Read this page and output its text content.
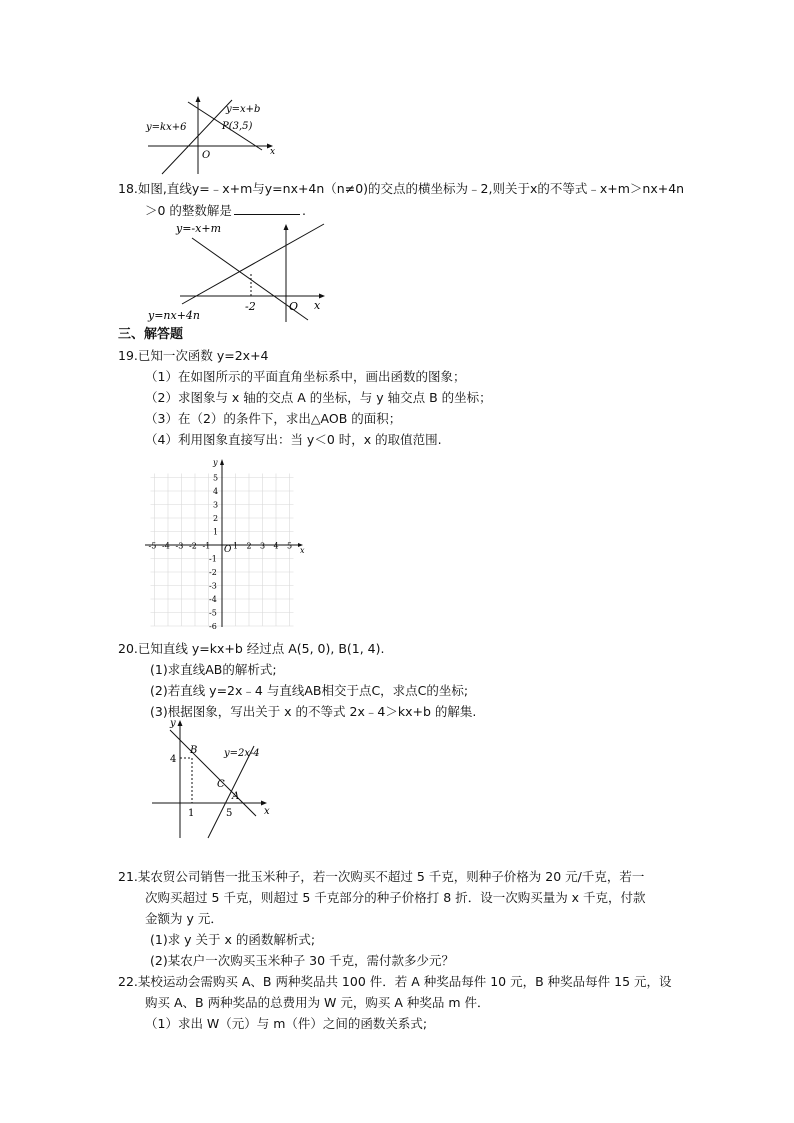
y=x+b
y=kx+6	P(3,5)
O	x
18.如图,直线y=﹣x+m与y=nx+4n（n≠0)的交点的横坐标为﹣2,则关于x的不等式﹣x+m＞nx+4n
＞0 的整数解是	.
y=-x+m
y=nx+4n
-2	O x
三、解答题
19.已知一次函数 y=2x+4
（1）在如图所示的平面直角坐标系中，画出函数的图象；
（2）求图象与 x 轴的交点 A 的坐标，与 y 轴交点 B 的坐标；
（3）在（2）的条件下，求出△AOB 的面积；
（4）利用图象直接写出：当 y＜0 时，x 的取值范围.
-5 -4 -3 -2 -1	1 2 3 4 5
5
4
3
2
1
-1
-2
-3
-4
-5
-6
O	x
y
20.已知直线 y=kx+b 经过点 A(5, 0), B(1, 4).
(1)求直线AB的解析式;
(2)若直线 y=2x﹣4 与直线AB相交于点C，求点C的坐标;
(3)根据图象，写出关于 x 的不等式 2x﹣4＞kx+b 的解集.
y
x
B
C
A
y=2x-4
4
1	5
21.某农贸公司销售一批玉米种子，若一次购买不超过 5 千克，则种子价格为 20 元/千克，若一
次购买超过 5 千克，则超过 5 千克部分的种子价格打 8 折．设一次购买量为 x 千克，付款
金额为 y 元．
(1)求 y 关于 x 的函数解析式;
(2)某农户一次购买玉米种子 30 千克，需付款多少元？
22.某校运动会需购买 A、B 两种奖品共 100 件．若 A 种奖品每件 10 元，B 种奖品每件 15 元，设
购买 A、B 两种奖品的总费用为 W 元，购买 A 种奖品 m 件．
（1）求出 W（元）与 m（件）之间的函数关系式;
